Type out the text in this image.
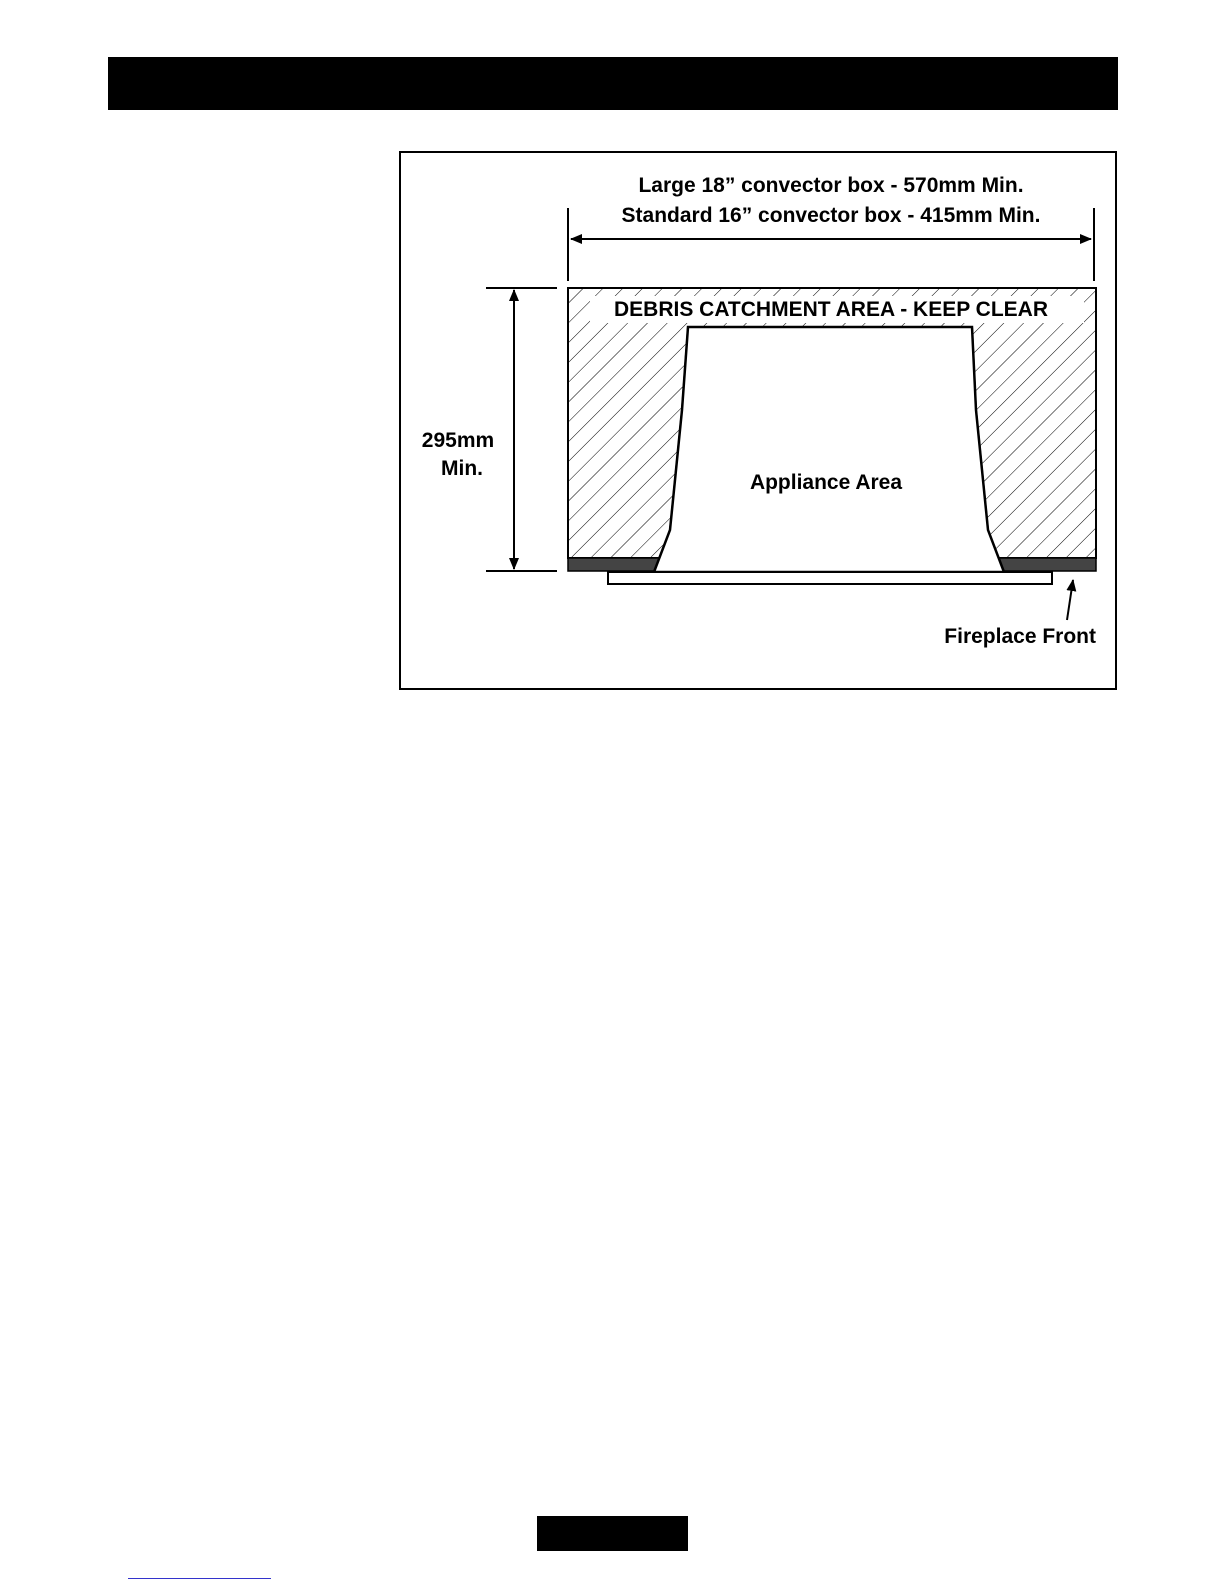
Large 18” convector box - 570mm Min.
Standard 16” convector box - 415mm Min.
295mm
Min.
DEBRIS CATCHMENT AREA - KEEP CLEAR
Appliance Area
Fireplace Front
